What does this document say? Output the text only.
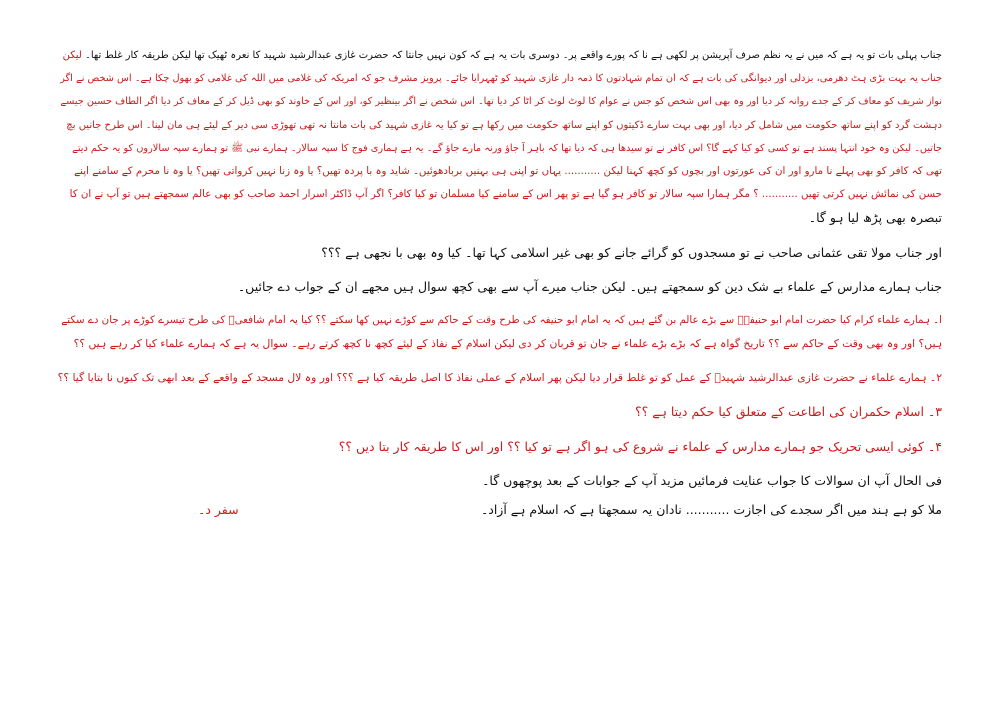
جناب پہلی بات تو یہ ہے کہ میں نے یہ نظم صرف آپریشن پر لکھی ہے نا کہ پورے واقعے پر۔ دوسری بات یہ ہے کہ کون نہیں جانتا کہ حضرت غازی عبدالرشید شہید کا نعرہ ٹھیک تھا لیکن طریقہ کار غلط تھا۔ لیکن
جناب یہ بہت بڑی ہٹ دھرمی، بزدلی اور دیوانگی کی بات ہے کہ ان تمام شہادتوں کا ذمہ دار غازی شہید کو ٹھہرایا جائے۔ پرویز مشرف جو کہ امریکہ کی غلامی میں اللہ کی غلامی کو بھول چکا ہے۔ اس شخص نے اگر
نواز شریف کو معاف کر کے جدے روانہ کر دیا اور وہ بھی اس شخص کو جس نے عوام کا لوٹ لوٹ کر اٹا کر دیا تھا۔ اس شخص نے اگر بینظیر کو، اور اس کے خاوند کو بھی ڈیل کر کے معاف کر دیا اگر الطاف حسین جیسے
دہشت گرد کو اپنے ساتھ حکومت میں شامل کر دیا، اور بھی بہت سارے ڈکیتوں کو اپنے ساتھ حکومت میں رکھا ہے تو کیا یہ غازی شہید کی بات مانتا نہ تھی تھوڑی سی دیر کے لیئے ہی مان لینا۔ اس طرح جانیں بچ
جاتیں۔ لیکن وہ خود انتہا پسند ہے تو کسی کو کیا کہے گا؟ اس کافر نے تو سیدھا ہی کہ دیا تھا کہ باہر آ جاؤ ورنہ مارے جاؤ گے۔ یہ ہے ہماری فوج کا سپہ سالار۔ ہمارے نبی ﷺ تو ہمارے سپہ سالاروں کو یہ حکم دیتے
تھی کہ کافر کو بھی پہلے نا مارو اور ان کی عورتوں اور بچوں کو کچھ کہنا لیکن ........... یہاں تو اپنی ہی بہنیں بربادھوئیں۔ شاید وہ با پردہ تھیں؟ یا وہ زنا نہیں کرواتی تھیں؟ یا وہ نا محرم کے سامنے اپنے
حسن کی نمائش نہیں کرتی تھیں ........... ؟ مگر ہمارا سپہ سالار تو کافر ہو گیا ہے تو پھر اس کے سامنے کیا مسلمان تو کیا کافر؟ اگر آپ ڈاکٹر اسرار احمد صاحب کو بھی عالم سمجھتے ہیں تو آپ نے ان کا
تبصرہ بھی پڑھ لیا ہو گا۔
اور جناب مولا تقی عثمانی صاحب نے تو مسجدوں کو گرائے جانے کو بھی غیر اسلامی کہا تھا۔ کیا وہ بھی با نجھی ہے ؟؟؟
جناب ہمارے مدارس کے علماء بے شک دین کو سمجھتے ہیں۔ لیکن جناب میرے آپ سے بھی کچھ سوال ہیں مجھے ان کے جواب دے جائیں۔
ا۔ ہمارے علماء کرام کیا حضرت امام ابو حنیفہؒ سے بڑے عالم بن گئے ہیں کہ یہ امام ابو حنیفہ کی طرح وقت کے حاکم سے کوڑے نہیں کھا سکتے ؟؟ کیا یہ امام شافعیؒ کی طرح تیسرے کوڑے پر جان دے سکتے
ہیں؟ اور وہ بھی وقت کے حاکم سے ؟؟ تاریخ گواہ ہے کہ بڑے بڑے علماء نے جان تو قربان کر دی لیکن اسلام کے نفاذ کے لیئے کچھ نا کچھ کرتے رہے۔ سوال یہ ہے کہ ہمارے علماء کیا کر رہے ہیں ؟؟
۲۔ ہمارے علماء نے حضرت غازی عبدالرشید شہیدؒ کے عمل کو تو غلط قرار دیا لیکن پھر اسلام کے عملی نفاذ کا اصل طریقہ کیا ہے ؟؟؟ اور وہ لال مسجد کے واقعے کے بعد ابھی تک کیوں نا بتایا گیا ؟؟
۳۔ اسلام حکمران کی اطاعت کے متعلق کیا حکم دیتا ہے ؟؟
۴۔ کوئی ایسی تحریک جو ہمارے مدارس کے علماء نے شروع کی ہو اگر ہے تو کیا ؟؟ اور اس کا طریقہ کار بتا دیں ؟؟
فی الحال آپ ان سوالات کا جواب عنایت فرمائیں مزید آپ کے جوابات کے بعد پوچھوں گا۔
ملا کو ہے ہند میں اگر سجدے کی اجازت ........... نادان یہ سمجھتا ہے کہ اسلام ہے آزاد۔
سفر د۔
